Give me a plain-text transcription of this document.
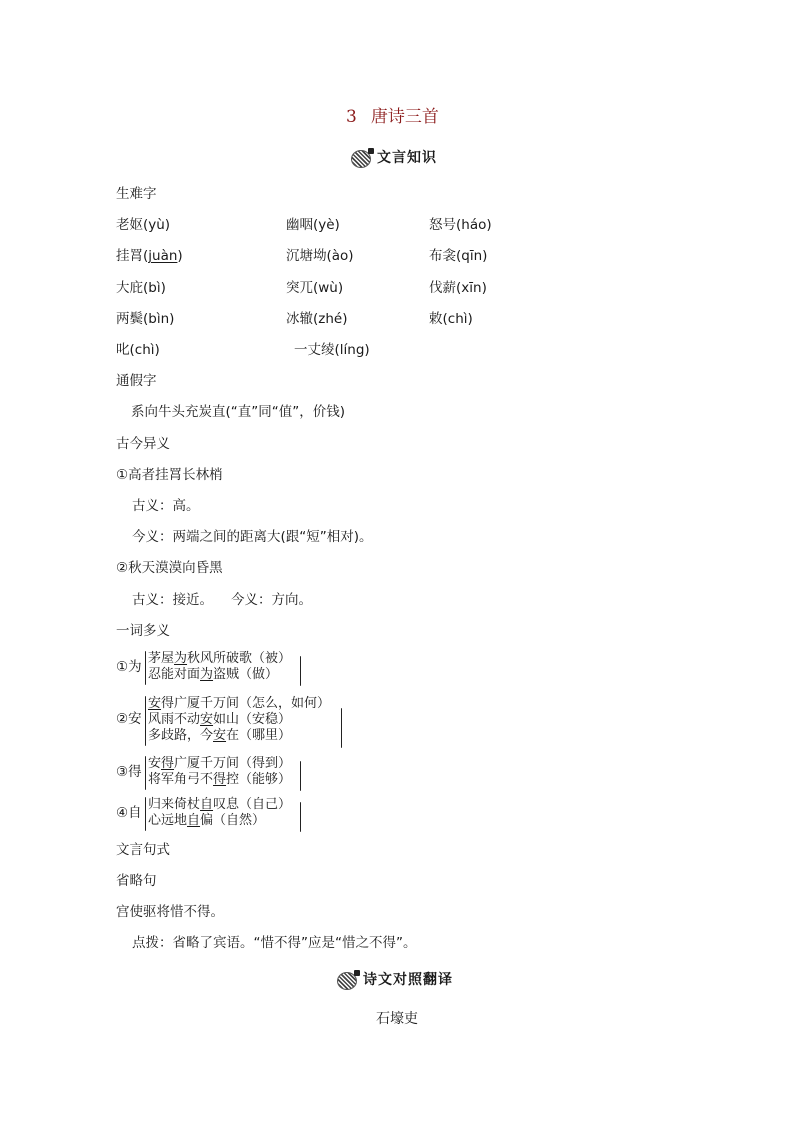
3 唐诗三首
文言知识
生难字
老妪(yù)	幽咽(yè)	怒号(háo)
挂罥(juàn)	沉塘坳(ào)	布衾(qīn)
大庇(bì)	突兀(wù)	伐薪(xīn)
两鬓(bìn)	冰辙(zhé)	敕(chì)
叱(chì)	一丈绫(líng)
通假字
系向牛头充炭直(“直”同“值”，价钱)
古今异义
①高者挂罥长林梢
古义：高。
今义：两端之间的距离大(跟“短”相对)。
②秋天漠漠向昏黑
古义：接近。 今义：方向。
一词多义
①为
茅屋为秋风所破歌（被）
忍能对面为盗贼（做）
②安
安得广厦千万间（怎么，如何）
风雨不动安如山（安稳）
多歧路，今安在（哪里）
③得
安得广厦千万间（得到）
将军角弓不得控（能够）
④自
归来倚杖自叹息（自己）
心远地自偏（自然）
文言句式
省略句
宫使驱将惜不得。
点拨：省略了宾语。“惜不得”应是“惜之不得”。
诗文对照翻译
石壕吏
